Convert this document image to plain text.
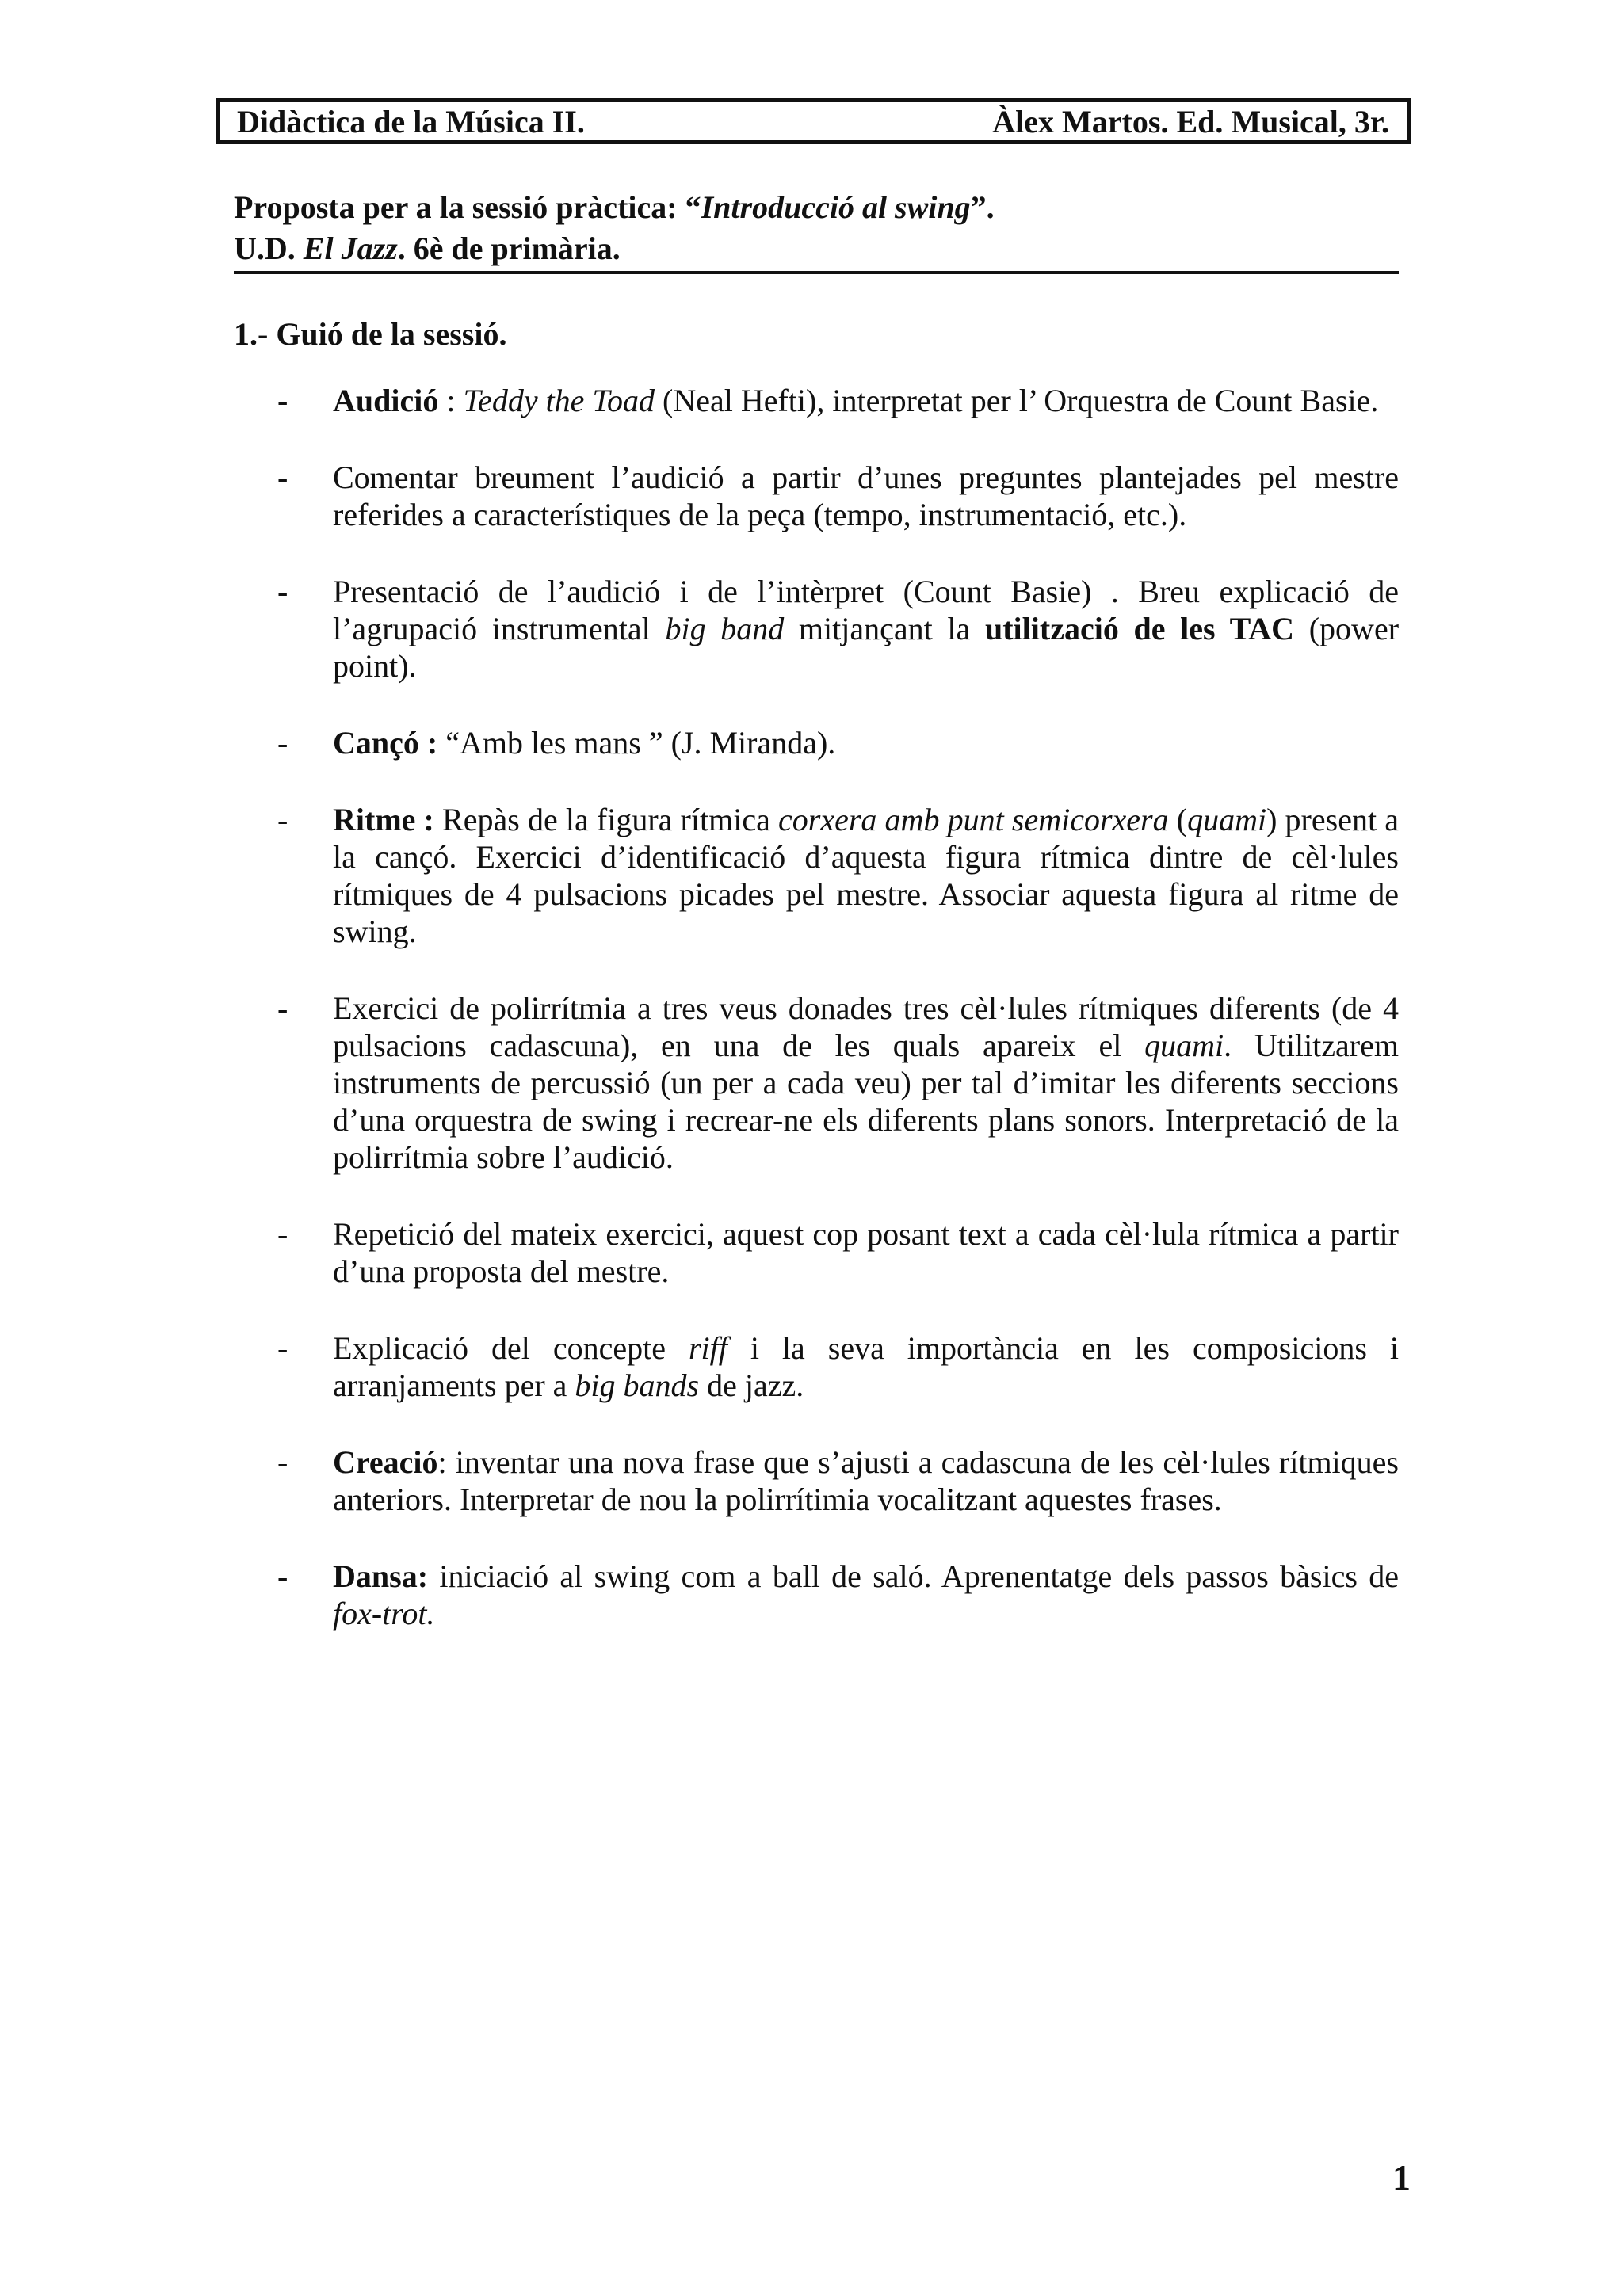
Didàctica de la Música II.	Àlex Martos. Ed. Musical, 3r.
Proposta per a la sessió pràctica: “Introducció al swing”.
U.D. El Jazz. 6è de primària.
1.- Guió de la sessió.
- Audició : Teddy the Toad (Neal Hefti), interpretat per l’ Orquestra de Count Basie.
- Comentar breument l’audició a partir d’unes preguntes plantejades pel mestre referides a característiques de la peça (tempo, instrumentació, etc.).
- Presentació de l’audició i de l’intèrpret (Count Basie) . Breu explicació de l’agrupació instrumental big band mitjançant la utilització de les TAC (power point).
- Cançó : “Amb les mans ” (J. Miranda).
- Ritme : Repàs de la figura rítmica corxera amb punt semicorxera (quami) present a la cançó. Exercici d’identificació d’aquesta figura rítmica dintre de cèl·lules rítmiques de 4 pulsacions picades pel mestre. Associar aquesta figura al ritme de swing.
- Exercici de polirrítmia a tres veus donades tres cèl·lules rítmiques diferents (de 4 pulsacions cadascuna), en una de les quals apareix el quami. Utilitzarem instruments de percussió (un per a cada veu) per tal d’imitar les diferents seccions d’una orquestra de swing i recrear-ne els diferents plans sonors. Interpretació de la polirrítmia sobre l’audició.
- Repetició del mateix exercici, aquest cop posant text a cada cèl·lula rítmica a partir d’una proposta del mestre.
- Explicació del concepte riff i la seva importància en les composicions i arranjaments per a big bands de jazz.
- Creació: inventar una nova frase que s’ajusti a cadascuna de les cèl·lules rítmiques anteriors. Interpretar de nou la polirrítimia vocalitzant aquestes frases.
- Dansa: iniciació al swing com a ball de saló. Aprenentatge dels passos bàsics de fox-trot.
1
